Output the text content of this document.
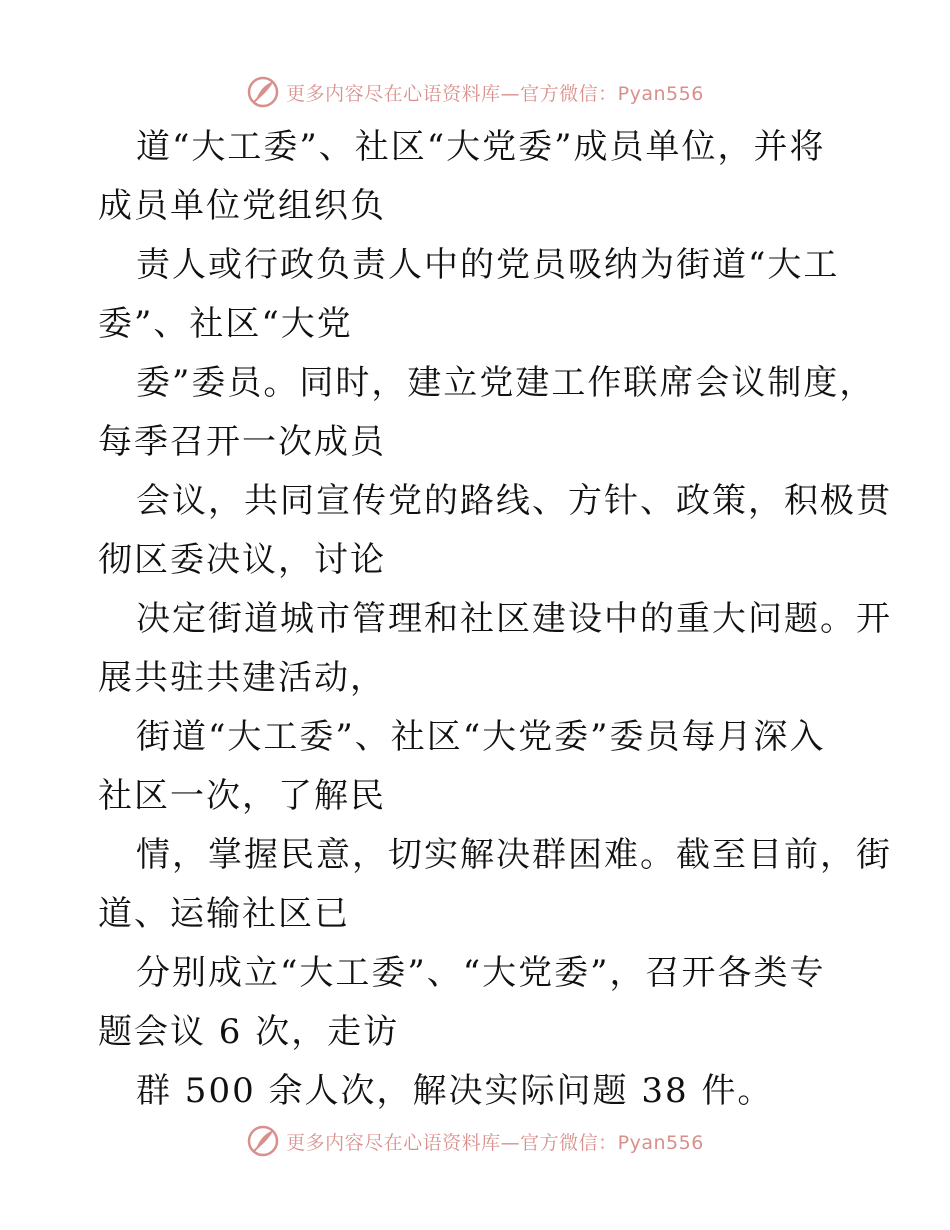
更多内容尽在心语资料库—官方微信：Pyan556
道“大工委”、社区“大党委”成员单位，并将
成员单位党组织负
责人或行政负责人中的党员吸纳为街道“大工
委”、社区“大党
委”委员。同时，建立党建工作联席会议制度，
每季召开一次成员
会议，共同宣传党的路线、方针、政策，积极贯
彻区委决议，讨论
决定街道城市管理和社区建设中的重大问题。开
展共驻共建活动，
街道“大工委”、社区“大党委”委员每月深入
社区一次，了解民
情，掌握民意，切实解决群困难。截至目前，街
道、运输社区已
分别成立“大工委”、“大党委”，召开各类专
题会议 6 次，走访
群 500 余人次，解决实际问题 38 件。
更多内容尽在心语资料库—官方微信：Pyan556
